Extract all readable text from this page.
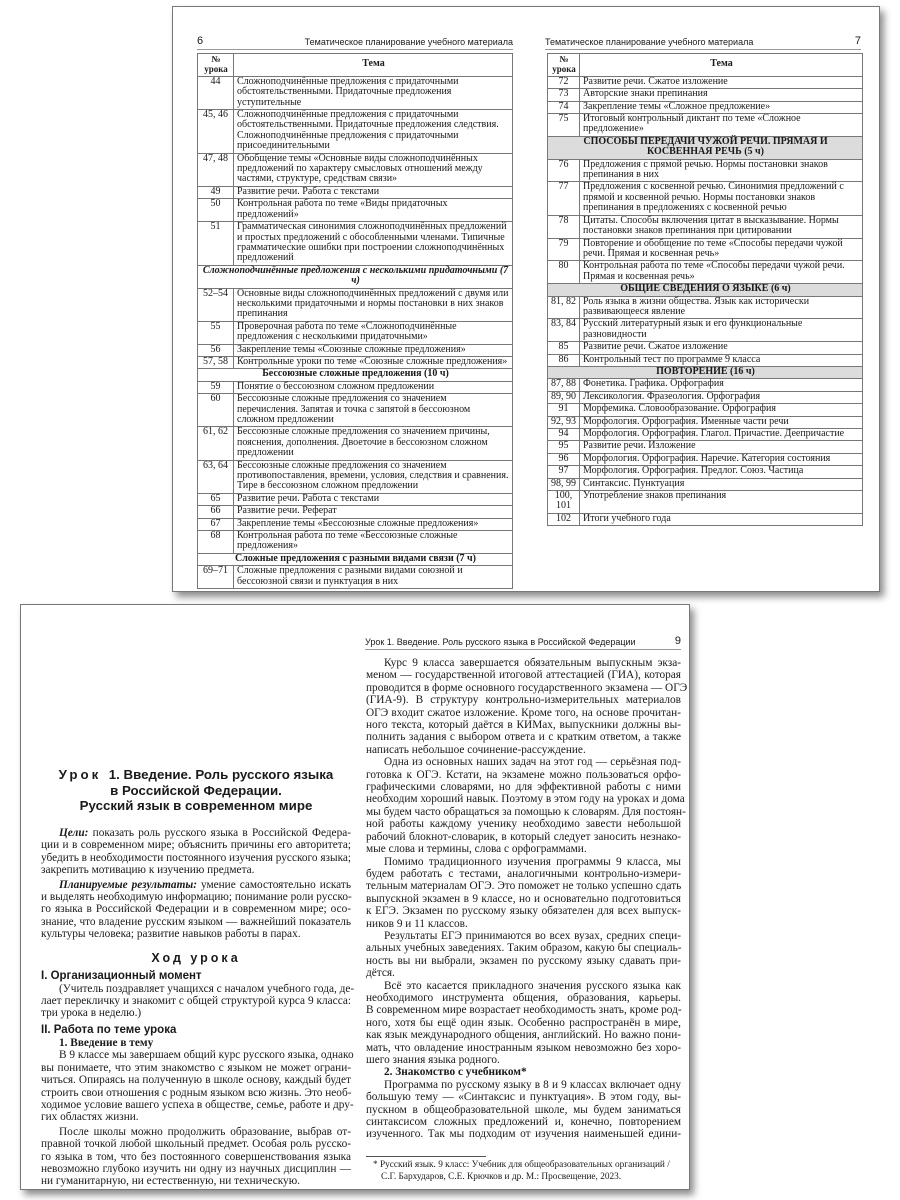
6	Тематическое планирование учебного материала
№ урока	Тема
44	Сложноподчинённые предложения с придаточными обстоятельственными. Придаточные предложения уступительные
45, 46	Сложноподчинённые предложения с придаточными обстоятельственными. Придаточные предложения следствия. Сложноподчинённые предложения с придаточными присоединительными
47, 48	Обобщение темы «Основные виды сложноподчинённых предложений по характеру смысловых отношений между частями, структуре, средствам связи»
49	Развитие речи. Работа с текстами
50	Контрольная работа по теме «Виды придаточных предложений»
51	Грамматическая синонимия сложноподчинённых предложений и простых предложений с обособленными членами. Типичные грамматические ошибки при построении сложноподчинённых предложений
Сложноподчинённые предложения с несколькими придаточными (7 ч)	
52–54	Основные виды сложноподчинённых предложений с двумя или несколькими придаточными и нормы постановки в них знаков препинания
55	Проверочная работа по теме «Сложноподчинённые предложения с несколькими придаточными»
56	Закрепление темы «Союзные сложные предложения»
57, 58	Контрольные уроки по теме «Союзные сложные предложения»
Бессоюзные сложные предложения (10 ч)	
59	Понятие о бессоюзном сложном предложении
60	Бессоюзные сложные предложения со значением перечисления. Запятая и точка с запятой в бессоюзном сложном предложении
61, 62	Бессоюзные сложные предложения со значением причины, пояснения, дополнения. Двоеточие в бессоюзном сложном предложении
63, 64	Бессоюзные сложные предложения со значением противопоставления, времени, условия, следствия и сравнения. Тире в бессоюзном сложном предложении
65	Развитие речи. Работа с текстами
66	Развитие речи. Реферат
67	Закрепление темы «Бессоюзные сложные предложения»
68	Контрольная работа по теме «Бессоюзные сложные предложения»
Сложные предложения с разными видами связи (7 ч)	
69–71	Сложные предложения с разными видами союзной и бессоюзной связи и пунктуация в них
Тематическое планирование учебного материала	7
№ урока	Тема
72	Развитие речи. Сжатое изложение
73	Авторские знаки препинания
74	Закрепление темы «Сложное предложение»
75	Итоговый контрольный диктант по теме «Сложное предложение»
СПОСОБЫ ПЕРЕДАЧИ ЧУЖОЙ РЕЧИ. ПРЯМАЯ И КОСВЕННАЯ РЕЧЬ (5 ч)	
76	Предложения с прямой речью. Нормы постановки знаков препинания в них
77	Предложения с косвенной речью. Синонимия предложений с прямой и косвенной речью. Нормы постановки знаков препинания в предложениях с косвенной речью
78	Цитаты. Способы включения цитат в высказывание. Нормы постановки знаков препинания при цитировании
79	Повторение и обобщение по теме «Способы передачи чужой речи. Прямая и косвенная речь»
80	Контрольная работа по теме «Способы передачи чужой речи. Прямая и косвенная речь»
ОБЩИЕ СВЕДЕНИЯ О ЯЗЫКЕ (6 ч)	
81, 82	Роль языка в жизни общества. Язык как исторически развивающееся явление
83, 84	Русский литературный язык и его функциональные разновидности
85	Развитие речи. Сжатое изложение
86	Контрольный тест по программе 9 класса
ПОВТОРЕНИЕ (16 ч)	
87, 88	Фонетика. Графика. Орфография
89, 90	Лексикология. Фразеология. Орфография
91	Морфемика. Словообразование. Орфография
92, 93	Морфология. Орфография. Именные части речи
94	Морфология. Орфография. Глагол. Причастие. Деепричастие
95	Развитие речи. Изложение
96	Морфология. Орфография. Наречие. Категория состояния
97	Морфология. Орфография. Предлог. Союз. Частица
98, 99	Синтаксис. Пунктуация
100, 101	Употребление знаков препинания
102	Итоги учебного года
Урок 1. Введение. Роль русского языка
в Российской Федерации.
Русский язык в современном мире
Цели: показать роль русского языка в Российской Федера-
ции и в современном мире; объяснить причины его авторитета;
убедить в необходимости постоянного изучения русского языка;
закрепить мотивацию к изучению предмета.
Планируемые результаты: умение самостоятельно искать
и выделять необходимую информацию; понимание роли русско-
го языка в Российской Федерации и в современном мире; осо-
знание, что владение русским языком — важнейший показатель
культуры человека; развитие навыков работы в парах.
Ход урока
I. Организационный момент
(Учитель поздравляет учащихся с началом учебного года, де-
лает перекличку и знакомит с общей структурой курса 9 класса:
три урока в неделю.)
II. Работа по теме урока
1. Введение в тему
В 9 классе мы завершаем общий курс русского языка, однако
вы понимаете, что этим знакомство с языком не может ограни-
читься. Опираясь на полученную в школе основу, каждый будет
строить свои отношения с родным языком всю жизнь. Это необ-
ходимое условие вашего успеха в обществе, семье, работе и дру-
гих областях жизни.
После школы можно продолжить образование, выбрав от-
правной точкой любой школьный предмет. Особая роль русско-
го языка в том, что без постоянного совершенствования языка
невозможно глубоко изучить ни одну из научных дисциплин —
ни гуманитарную, ни естественную, ни техническую.
Урок 1. Введение. Роль русского языка в Российской Федерации	9
Курс 9 класса завершается обязательным выпускным экза-
меном — государственной итоговой аттестацией (ГИА), которая
проводится в форме основного государственного экзамена — ОГЭ
(ГИА-9). В структуру контрольно-измерительных материалов
ОГЭ входит сжатое изложение. Кроме того, на основе прочитан-
ного текста, который даётся в КИМах, выпускники должны вы-
полнить задания с выбором ответа и с кратким ответом, а также
написать небольшое сочинение-рассуждение.
Одна из основных наших задач на этот год — серьёзная под-
готовка к ОГЭ. Кстати, на экзамене можно пользоваться орфо-
графическими словарями, но для эффективной работы с ними
необходим хороший навык. Поэтому в этом году на уроках и дома
мы будем часто обращаться за помощью к словарям. Для постоян-
ной работы каждому ученику необходимо завести небольшой
рабочий блокнот-словарик, в который следует заносить незнако-
мые слова и термины, слова с орфограммами.
Помимо традиционного изучения программы 9 класса, мы
будем работать с тестами, аналогичными контрольно-измери-
тельным материалам ОГЭ. Это поможет не только успешно сдать
выпускной экзамен в 9 классе, но и основательно подготовиться
к ЕГЭ. Экзамен по русскому языку обязателен для всех выпуск-
ников 9 и 11 классов.
Результаты ЕГЭ принимаются во всех вузах, средних специ-
альных учебных заведениях. Таким образом, какую бы специаль-
ность вы ни выбрали, экзамен по русскому языку сдавать при-
дётся.
Всё это касается прикладного значения русского языка как
необходимого инструмента общения, образования, карьеры.
В современном мире возрастает необходимость знать, кроме род-
ного, хотя бы ещё один язык. Особенно распространён в мире,
как язык международного общения, английский. Но важно пони-
мать, что овладение иностранным языком невозможно без хоро-
шего знания языка родного.
2. Знакомство с учебником*
Программа по русскому языку в 8 и 9 классах включает одну
большую тему — «Синтаксис и пунктуация». В этом году, вы-
пускном в общеобразовательной школе, мы будем заниматься
синтаксисом сложных предложений и, конечно, повторением
изученного. Так мы подходим от изучения наименьшей едини-
* Русский язык. 9 класс: Учебник для общеобразовательных организаций /
С.Г. Бархударов, С.Е. Крючков и др. М.: Просвещение, 2023.
